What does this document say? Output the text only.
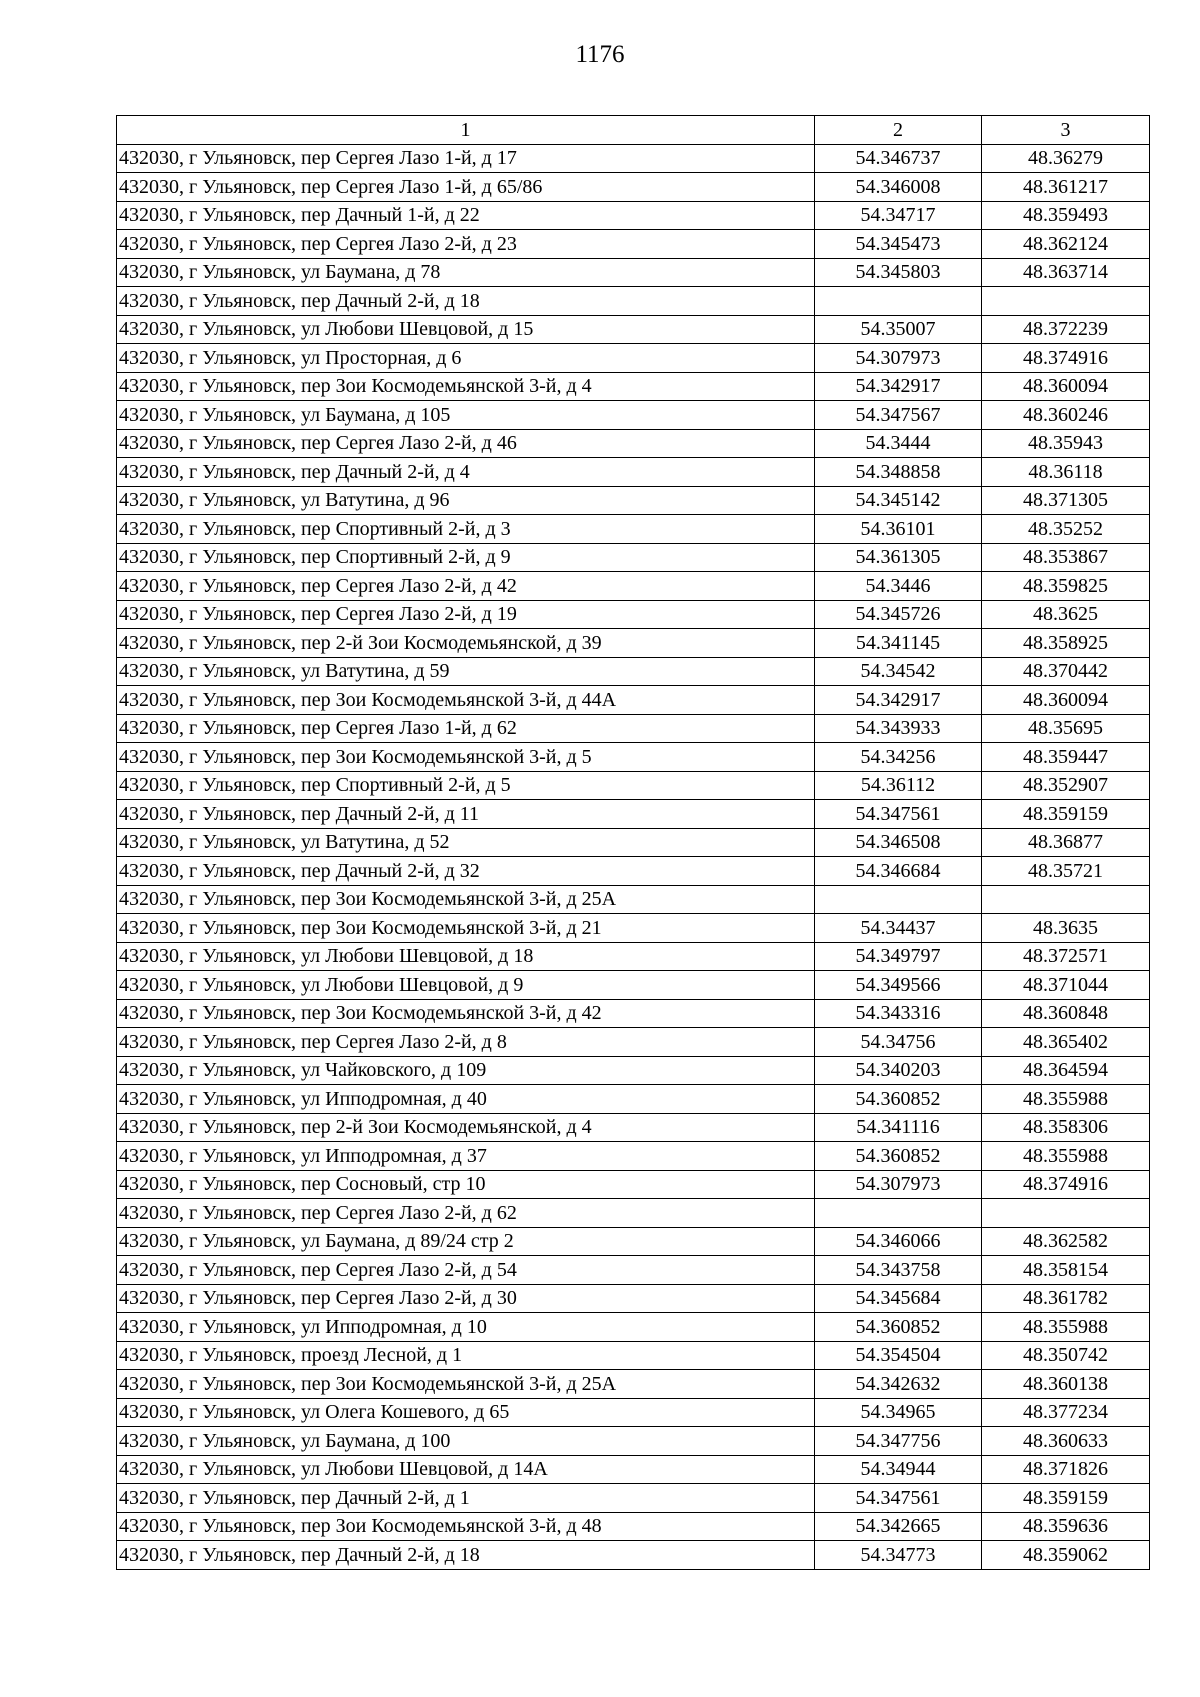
1176
1	2	3
432030, г Ульяновск, пер Сергея Лазо 1-й, д 17	54.346737	48.36279
432030, г Ульяновск, пер Сергея Лазо 1-й, д 65/86	54.346008	48.361217
432030, г Ульяновск, пер Дачный 1-й, д 22	54.34717	48.359493
432030, г Ульяновск, пер Сергея Лазо 2-й, д 23	54.345473	48.362124
432030, г Ульяновск, ул Баумана, д 78	54.345803	48.363714
432030, г Ульяновск, пер Дачный 2-й, д 18		
432030, г Ульяновск, ул Любови Шевцовой, д 15	54.35007	48.372239
432030, г Ульяновск, ул Просторная, д 6	54.307973	48.374916
432030, г Ульяновск, пер Зои Космодемьянской 3-й, д 4	54.342917	48.360094
432030, г Ульяновск, ул Баумана, д 105	54.347567	48.360246
432030, г Ульяновск, пер Сергея Лазо 2-й, д 46	54.3444	48.35943
432030, г Ульяновск, пер Дачный 2-й, д 4	54.348858	48.36118
432030, г Ульяновск, ул Ватутина, д 96	54.345142	48.371305
432030, г Ульяновск, пер Спортивный 2-й, д 3	54.36101	48.35252
432030, г Ульяновск, пер Спортивный 2-й, д 9	54.361305	48.353867
432030, г Ульяновск, пер Сергея Лазо 2-й, д 42	54.3446	48.359825
432030, г Ульяновск, пер Сергея Лазо 2-й, д 19	54.345726	48.3625
432030, г Ульяновск, пер 2-й Зои Космодемьянской, д 39	54.341145	48.358925
432030, г Ульяновск, ул Ватутина, д 59	54.34542	48.370442
432030, г Ульяновск, пер Зои Космодемьянской 3-й, д 44А	54.342917	48.360094
432030, г Ульяновск, пер Сергея Лазо 1-й, д 62	54.343933	48.35695
432030, г Ульяновск, пер Зои Космодемьянской 3-й, д 5	54.34256	48.359447
432030, г Ульяновск, пер Спортивный 2-й, д 5	54.36112	48.352907
432030, г Ульяновск, пер Дачный 2-й, д 11	54.347561	48.359159
432030, г Ульяновск, ул Ватутина, д 52	54.346508	48.36877
432030, г Ульяновск, пер Дачный 2-й, д 32	54.346684	48.35721
432030, г Ульяновск, пер Зои Космодемьянской 3-й, д 25А		
432030, г Ульяновск, пер Зои Космодемьянской 3-й, д 21	54.34437	48.3635
432030, г Ульяновск, ул Любови Шевцовой, д 18	54.349797	48.372571
432030, г Ульяновск, ул Любови Шевцовой, д 9	54.349566	48.371044
432030, г Ульяновск, пер Зои Космодемьянской 3-й, д 42	54.343316	48.360848
432030, г Ульяновск, пер Сергея Лазо 2-й, д 8	54.34756	48.365402
432030, г Ульяновск, ул Чайковского, д 109	54.340203	48.364594
432030, г Ульяновск, ул Ипподромная, д 40	54.360852	48.355988
432030, г Ульяновск, пер 2-й Зои Космодемьянской, д 4	54.341116	48.358306
432030, г Ульяновск, ул Ипподромная, д 37	54.360852	48.355988
432030, г Ульяновск, пер Сосновый, стр 10	54.307973	48.374916
432030, г Ульяновск, пер Сергея Лазо 2-й, д 62		
432030, г Ульяновск, ул Баумана, д 89/24 стр 2	54.346066	48.362582
432030, г Ульяновск, пер Сергея Лазо 2-й, д 54	54.343758	48.358154
432030, г Ульяновск, пер Сергея Лазо 2-й, д 30	54.345684	48.361782
432030, г Ульяновск, ул Ипподромная, д 10	54.360852	48.355988
432030, г Ульяновск, проезд Лесной, д 1	54.354504	48.350742
432030, г Ульяновск, пер Зои Космодемьянской 3-й, д 25А	54.342632	48.360138
432030, г Ульяновск, ул Олега Кошевого, д 65	54.34965	48.377234
432030, г Ульяновск, ул Баумана, д 100	54.347756	48.360633
432030, г Ульяновск, ул Любови Шевцовой, д 14А	54.34944	48.371826
432030, г Ульяновск, пер Дачный 2-й, д 1	54.347561	48.359159
432030, г Ульяновск, пер Зои Космодемьянской 3-й, д 48	54.342665	48.359636
432030, г Ульяновск, пер Дачный 2-й, д 18	54.34773	48.359062
